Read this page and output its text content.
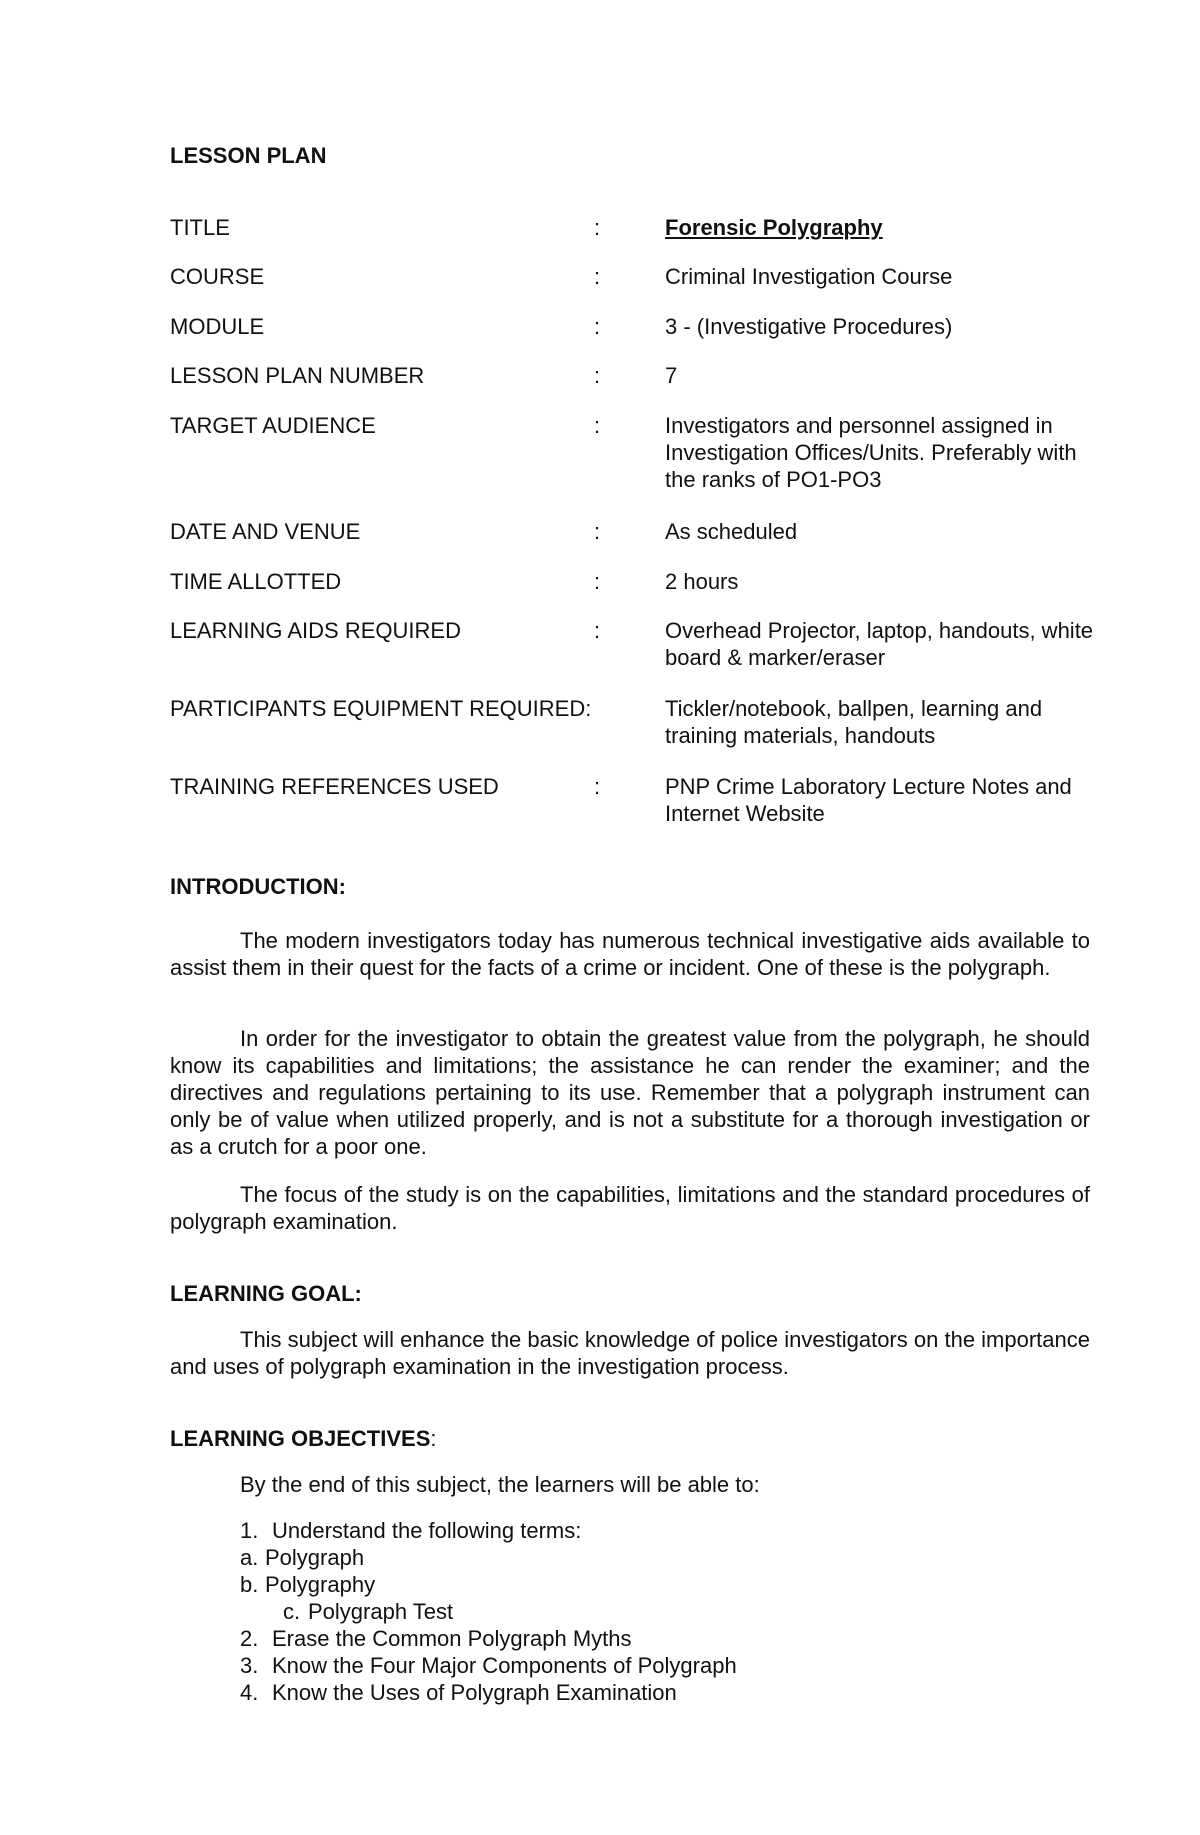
LESSON PLAN
TITLE	:	Forensic Polygraphy
COURSE	:	Criminal Investigation Course
MODULE	:	3 - (Investigative Procedures)
LESSON PLAN NUMBER	:	7
TARGET AUDIENCE	:	Investigators and personnel assigned in Investigation Offices/Units. Preferably with the ranks of PO1-PO3
DATE AND VENUE	:	As scheduled
TIME ALLOTTED	:	2 hours
LEARNING AIDS REQUIRED	:	Overhead Projector, laptop, handouts, white board & marker/eraser
PARTICIPANTS EQUIPMENT REQUIRED:	Tickler/notebook, ballpen, learning and training materials, handouts
TRAINING REFERENCES USED	:	PNP Crime Laboratory Lecture Notes and Internet Website
INTRODUCTION:
The modern investigators today has numerous technical investigative aids available to assist them in their quest for the facts of a crime or incident. One of these is the polygraph.
In order for the investigator to obtain the greatest value from the polygraph, he should know its capabilities and limitations; the assistance he can render the examiner; and the directives and regulations pertaining to its use. Remember that a polygraph instrument can only be of value when utilized properly, and is not a substitute for a thorough investigation or as a crutch for a poor one.
The focus of the study is on the capabilities, limitations and the standard procedures of polygraph examination.
LEARNING GOAL:
This subject will enhance the basic knowledge of police investigators on the importance and uses of polygraph examination in the investigation process.
LEARNING OBJECTIVES:
By the end of this subject, the learners will be able to:
1. Understand the following terms:
a. Polygraph
b. Polygraphy
c. Polygraph Test
2. Erase the Common Polygraph Myths
3. Know the Four Major Components of Polygraph
4. Know the Uses of Polygraph Examination
